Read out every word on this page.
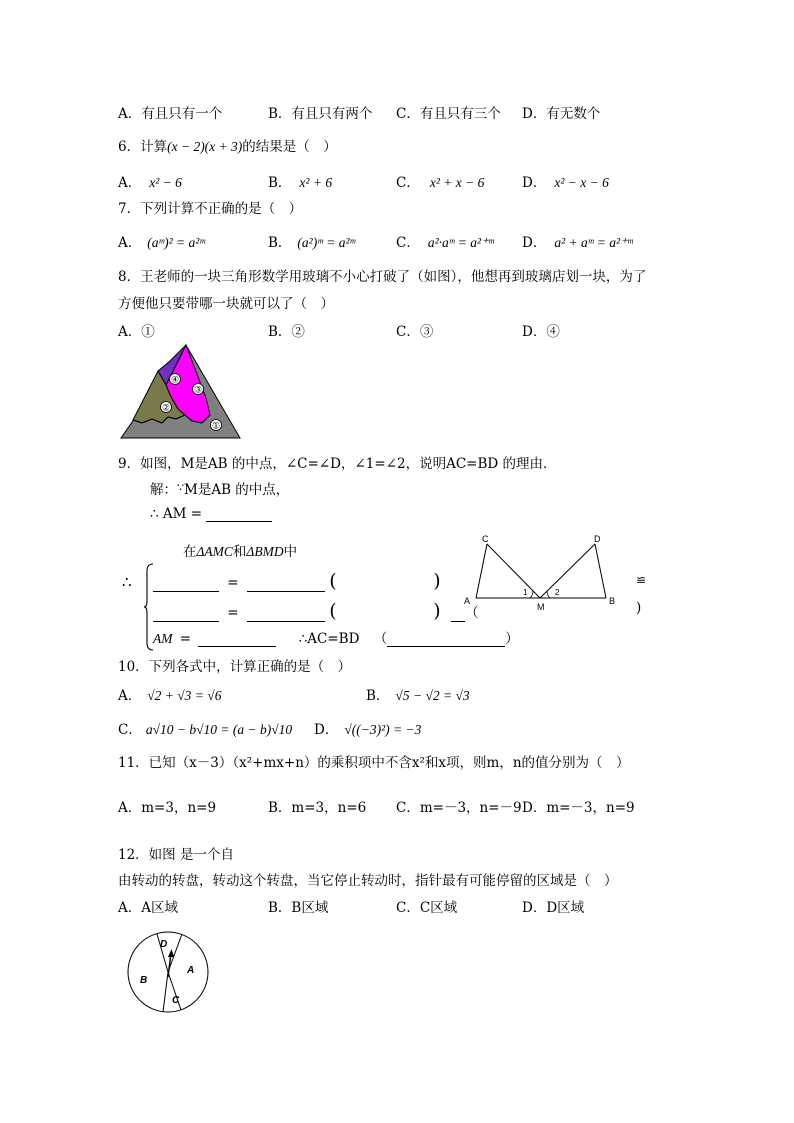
A．有且只有一个	B．有且只有两个 C．有且只有三个 D．有无数个
6．计算(x − 2)(x + 3)的结果是（　）
A． x² − 6	B． x² + 6	C． x² + x − 6	D． x² − x − 6
7．下列计算不正确的是（　）
A． (aᵐ)² = a²ᵐ	B． (a²)ᵐ = a²ᵐ	C． a²·aᵐ = a²⁺ᵐ D． a² + aᵐ = a²⁺ᵐ
8．王老师的一块三角形数学用玻璃不小心打破了（如图），他想再到玻璃店划一块，为了
方便他只要带哪一块就可以了（　）
A．①	B．②	C．③	D．④
④
③
②
①
9．如图，M是AB 的中点，∠C=∠D，∠1=∠2，说明AC=BD 的理由．
解：∵M是AB 的中点，
∴ AM =
在ΔAMC和ΔBMD中
∴	=	(	)
=	(	) （
AM =	∴AC=BD （	）
≌
)
C	D
A	B
M
1	2
10．下列各式中，计算正确的是（　）
A． √2 + √3 = √6	B． √5 − √2 = √3
C． a√10 − b√10 = (a − b)√10 D． √((−3)²) = −3
11．已知（x－3）（x²+mx+n）的乘积项中不含x²和x项，则m，n的值分别为（　）
A．m=3，n=9	B．m=3，n=6 C．m=－3，n=－9 D．m=－3，n=9
12．如图 是一个自
由转动的转盘，转动这个转盘，当它停止转动时，指针最有可能停留的区域是（　）
A．A区域	B．B区域	C．C区域	D．D区域
D
A
B
C
